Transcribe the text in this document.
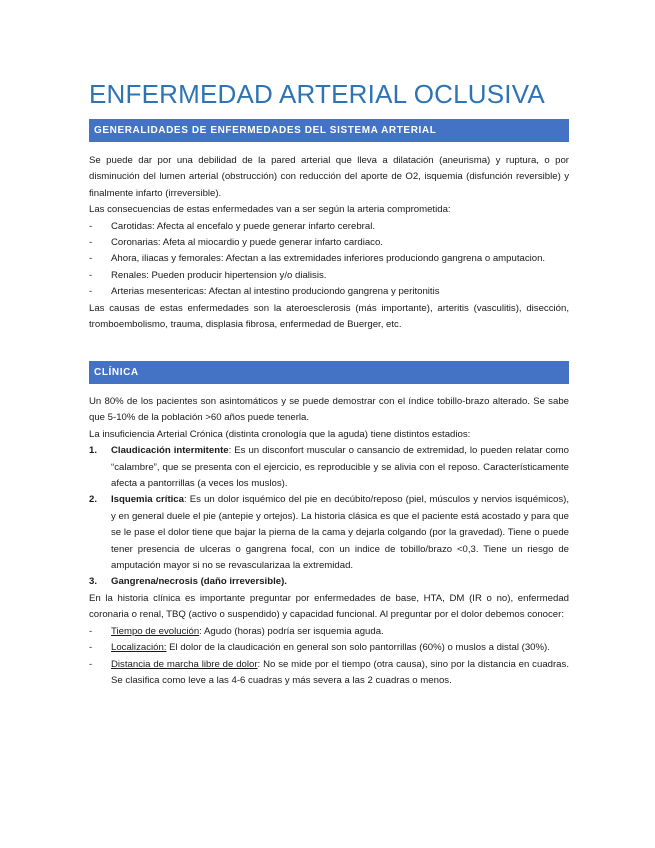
ENFERMEDAD ARTERIAL OCLUSIVA
GENERALIDADES DE ENFERMEDADES DEL SISTEMA ARTERIAL
Se puede dar por una debilidad de la pared arterial que lleva a dilatación (aneurisma) y ruptura, o por disminución del lumen arterial (obstrucción) con reducción del aporte de O2, isquemia (disfunción reversible) y finalmente infarto (irreversible).
Las consecuencias de estas enfermedades van a ser según la arteria comprometida:
- Carotidas: Afecta al encefalo y puede generar infarto cerebral.
- Coronarias: Afeta al miocardio y puede generar infarto cardiaco.
- Ahora, iliacas y femorales: Afectan a las extremidades inferiores produciondo gangrena o amputacion.
- Renales: Pueden producir hipertension y/o dialisis.
- Arterias mesentericas: Afectan al intestino produciondo gangrena y peritonitis
Las causas de estas enfermedades son la ateroesclerosis (más importante), arteritis (vasculitis), disección, tromboembolismo, trauma, displasia fibrosa, enfermedad de Buerger, etc.
CLÍNICA
Un 80% de los pacientes son asintomáticos y se puede demostrar con el índice tobillo-brazo alterado. Se sabe que 5-10% de la población >60 años puede tenerla.
La insuficiencia Arterial Crónica (distinta cronología que la aguda) tiene distintos estadios:
1. Claudicación intermitente: Es un disconfort muscular o cansancio de extremidad, lo pueden relatar como “calambre”, que se presenta con el ejercicio, es reproducible y se alivia con el reposo. Característicamente afecta a pantorrillas (a veces los muslos).
2. Isquemia crítica: Es un dolor isquémico del pie en decúbito/reposo (piel, músculos y nervios isquémicos), y en general duele el pie (antepie y ortejos). La historia clásica es que el paciente está acostado y para que se le pase el dolor tiene que bajar la pierna de la cama y dejarla colgando (por la gravedad). Tiene o puede tener presencia de ulceras o gangrena focal, con un indice de tobillo/brazo <0,3. Tiene un riesgo de amputación mayor si no se revascularizaa la extremidad.
3. Gangrena/necrosis (daño irreversible).
En la historia clínica es importante preguntar por enfermedades de base, HTA, DM (IR o no), enfermedad coronaria o renal, TBQ (activo o suspendido) y capacidad funcional. Al preguntar por el dolor debemos conocer:
- Tiempo de evolución: Agudo (horas) podría ser isquemia aguda.
- Localización: El dolor de la claudicación en general son solo pantorrillas (60%) o muslos a distal (30%).
- Distancia de marcha libre de dolor: No se mide por el tiempo (otra causa), sino por la distancia en cuadras. Se clasifica como leve a las 4-6 cuadras y más severa a las 2 cuadras o menos.
